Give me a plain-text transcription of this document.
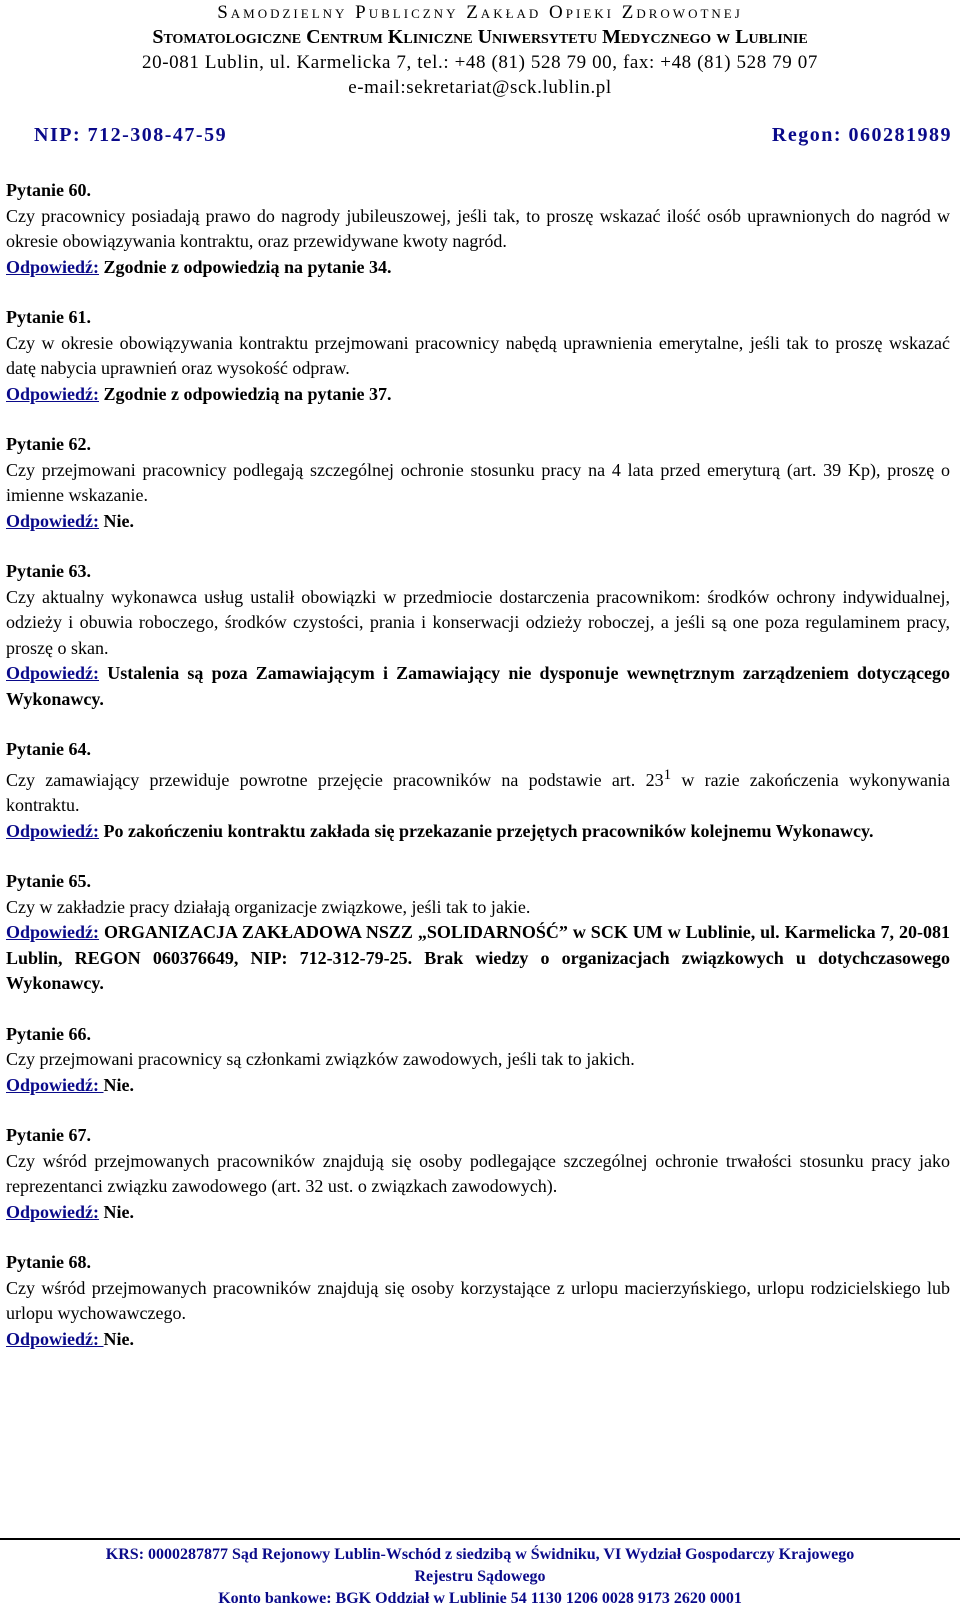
Samodzielny Publiczny Zakład Opieki Zdrowotnej
Stomatologiczne Centrum Kliniczne Uniwersytetu Medycznego w Lublinie
20-081 Lublin, ul. Karmelicka 7, tel.: +48 (81) 528 79 00, fax: +48 (81) 528 79 07
e-mail:sekretariat@sck.lublin.pl
NIP: 712-308-47-59	Regon: 060281989
Pytanie 60.
Czy pracownicy posiadają prawo do nagrody jubileuszowej, jeśli tak, to proszę wskazać ilość osób uprawnionych do nagród w okresie obowiązywania kontraktu, oraz przewidywane kwoty nagród.
Odpowiedź: Zgodnie z odpowiedzią na pytanie 34.
Pytanie 61.
Czy w okresie obowiązywania kontraktu przejmowani pracownicy nabędą uprawnienia emerytalne, jeśli tak to proszę wskazać datę nabycia uprawnień oraz wysokość odpraw.
Odpowiedź: Zgodnie z odpowiedzią na pytanie 37.
Pytanie 62.
Czy przejmowani pracownicy podlegają szczególnej ochronie stosunku pracy na 4 lata przed emeryturą (art. 39 Kp), proszę o imienne wskazanie.
Odpowiedź: Nie.
Pytanie 63.
Czy aktualny wykonawca usług ustalił obowiązki w przedmiocie dostarczenia pracownikom: środków ochrony indywidualnej, odzieży i obuwia roboczego, środków czystości, prania i konserwacji odzieży roboczej, a jeśli są one poza regulaminem pracy, proszę o skan.
Odpowiedź: Ustalenia są poza Zamawiającym i Zamawiający nie dysponuje wewnętrznym zarządzeniem dotyczącego Wykonawcy.
Pytanie 64.
Czy zamawiający przewiduje powrotne przejęcie pracowników na podstawie art. $23^1$ w razie zakończenia wykonywania kontraktu.
Odpowiedź: Po zakończeniu kontraktu zakłada się przekazanie przejętych pracowników kolejnemu Wykonawcy.
Pytanie 65.
Czy w zakładzie pracy działają organizacje związkowe, jeśli tak to jakie.
Odpowiedź: ORGANIZACJA ZAKŁADOWA NSZZ „SOLIDARNOŚĆ” w SCK UM w Lublinie, ul. Karmelicka 7, 20-081 Lublin, REGON 060376649, NIP: 712-312-79-25. Brak wiedzy o organizacjach związkowych u dotychczasowego Wykonawcy.
Pytanie 66.
Czy przejmowani pracownicy są członkami związków zawodowych, jeśli tak to jakich.
Odpowiedź: Nie.
Pytanie 67.
Czy wśród przejmowanych pracowników znajdują się osoby podlegające szczególnej ochronie trwałości stosunku pracy jako reprezentanci związku zawodowego (art. 32 ust. o związkach zawodowych).
Odpowiedź: Nie.
Pytanie 68.
Czy wśród przejmowanych pracowników znajdują się osoby korzystające z urlopu macierzyńskiego, urlopu rodzicielskiego lub urlopu wychowawczego.
Odpowiedź: Nie.
KRS: 0000287877 Sąd Rejonowy Lublin-Wschód z siedzibą w Świdniku, VI Wydział Gospodarczy Krajowego
Rejestru Sądowego
Konto bankowe: BGK Oddział w Lublinie 54 1130 1206 0028 9173 2620 0001
